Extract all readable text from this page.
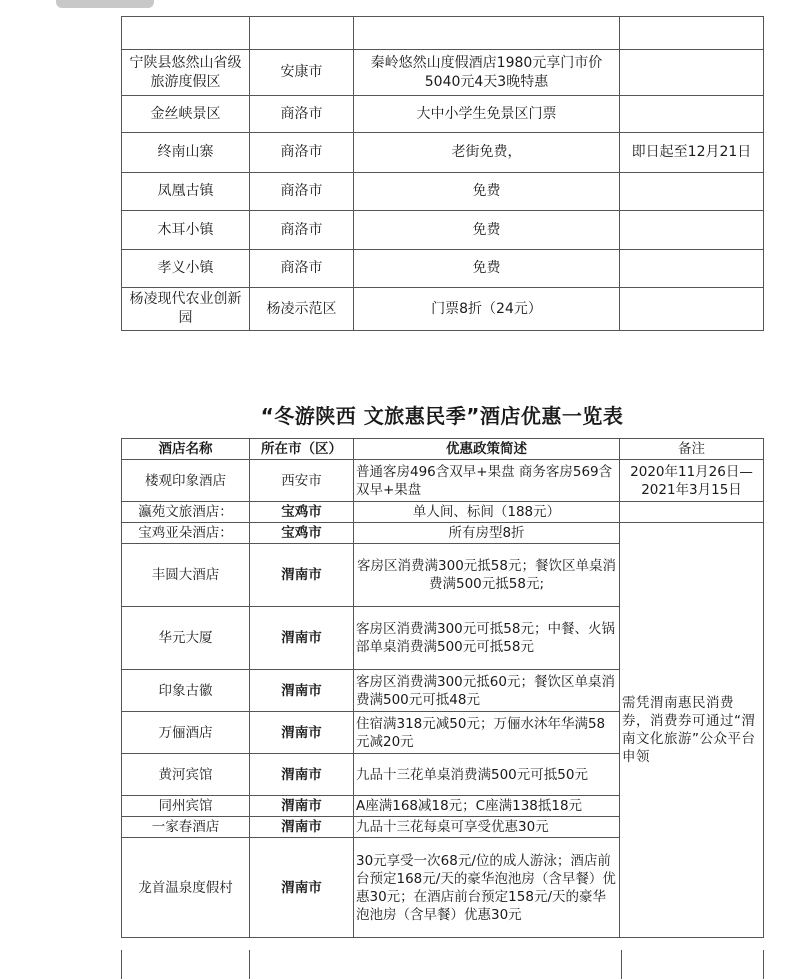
宁陕县悠然山省级旅游度假区	安康市	秦岭悠然山度假酒店1980元享门市价5040元4天3晚特惠	
金丝峡景区	商洛市	大中小学生免景区门票	
终南山寨	商洛市	老街免费，	即日起至12月21日
凤凰古镇	商洛市	免费	
木耳小镇	商洛市	免费	
孝义小镇	商洛市	免费	
杨凌现代农业创新园	杨凌示范区	门票8折（24元）	
“冬游陕西 文旅惠民季”酒店优惠一览表
酒店名称	所在市（区）	优惠政策简述	备注	
楼观印象酒店	西安市	普通客房496含双早+果盘 商务客房569含双早+果盘	2020年11月26日—2021年3月15日	
瀛苑文旅酒店：	宝鸡市	单人间、标间（188元）		
宝鸡亚朵酒店：	宝鸡市	所有房型8折	需凭渭南惠民消费券，消费券可通过“渭南文化旅游”公众平台申领	
丰圆大酒店	渭南市	客房区消费满300元抵58元；餐饮区单桌消费满500元抵58元;		
华元大厦	渭南市	客房区消费满300元可抵58元；中餐、火锅部单桌消费满500元可抵58元		
印象古徽	渭南市	客房区消费满300元抵60元；餐饮区单桌消费满500元可抵48元		
万俪酒店	渭南市	住宿满318元减50元；万俪水沐年华满58元减20元		
黄河宾馆	渭南市	九品十三花单桌消费满500元可抵50元		
同州宾馆	渭南市	A座满168减18元；C座满138抵18元		
一家春酒店	渭南市	九品十三花每桌可享受优惠30元		
龙首温泉度假村	渭南市	30元享受一次68元/位的成人游泳；酒店前台预定168元/天的豪华泡池房（含早餐）优惠30元；在酒店前台预定158元/天的豪华泡池房（含早餐）优惠30元		
